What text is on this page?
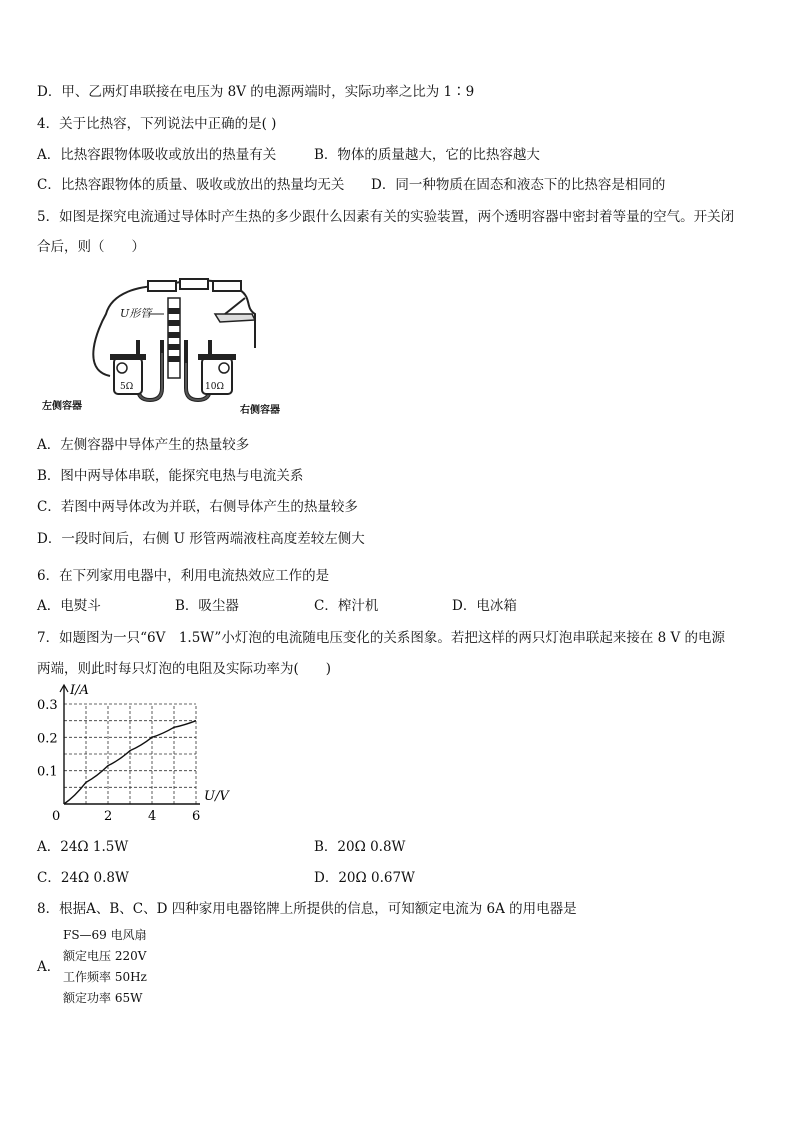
D．甲、乙两灯串联接在电压为 8V 的电源两端时，实际功率之比为 1∶9
4．关于比热容，下列说法中正确的是( )
A．比热容跟物体吸收或放出的热量有关	B．物体的质量越大，它的比热容越大
C．比热容跟物体的质量、吸收或放出的热量均无关 D．同一种物质在固态和液态下的比热容是相同的
5．如图是探究电流通过导体时产生热的多少跟什么因素有关的实验装置，两个透明容器中密封着等量的空气。开关闭
合后，则（　　）
U形管
5Ω	10Ω
左侧容器	右侧容器
A．左侧容器中导体产生的热量较多
B．图中两导体串联，能探究电热与电流关系
C．若图中两导体改为并联，右侧导体产生的热量较多
D．一段时间后，右侧 U 形管两端液柱高度差较左侧大
6．在下列家用电器中，利用电流热效应工作的是
A．电熨斗	B．吸尘器	C．榨汁机	D．电冰箱
7．如题图为一只“6V　1.5W”小灯泡的电流随电压变化的关系图象。若把这样的两只灯泡串联起来接在 8 V 的电源
两端，则此时每只灯泡的电阻及实际功率为(　　)
I/A
U/V
0	2	4	6
0.1
0.2
0.3
A．24Ω 1.5W	B．20Ω 0.8W
C．24Ω 0.8W	D．20Ω 0.67W
8．根据A、B、C、D 四种家用电器铭牌上所提供的信息，可知额定电流为 6A 的用电器是
A．
FS—69 电风扇
额定电压 220V
工作频率 50Hz
额定功率 65W
